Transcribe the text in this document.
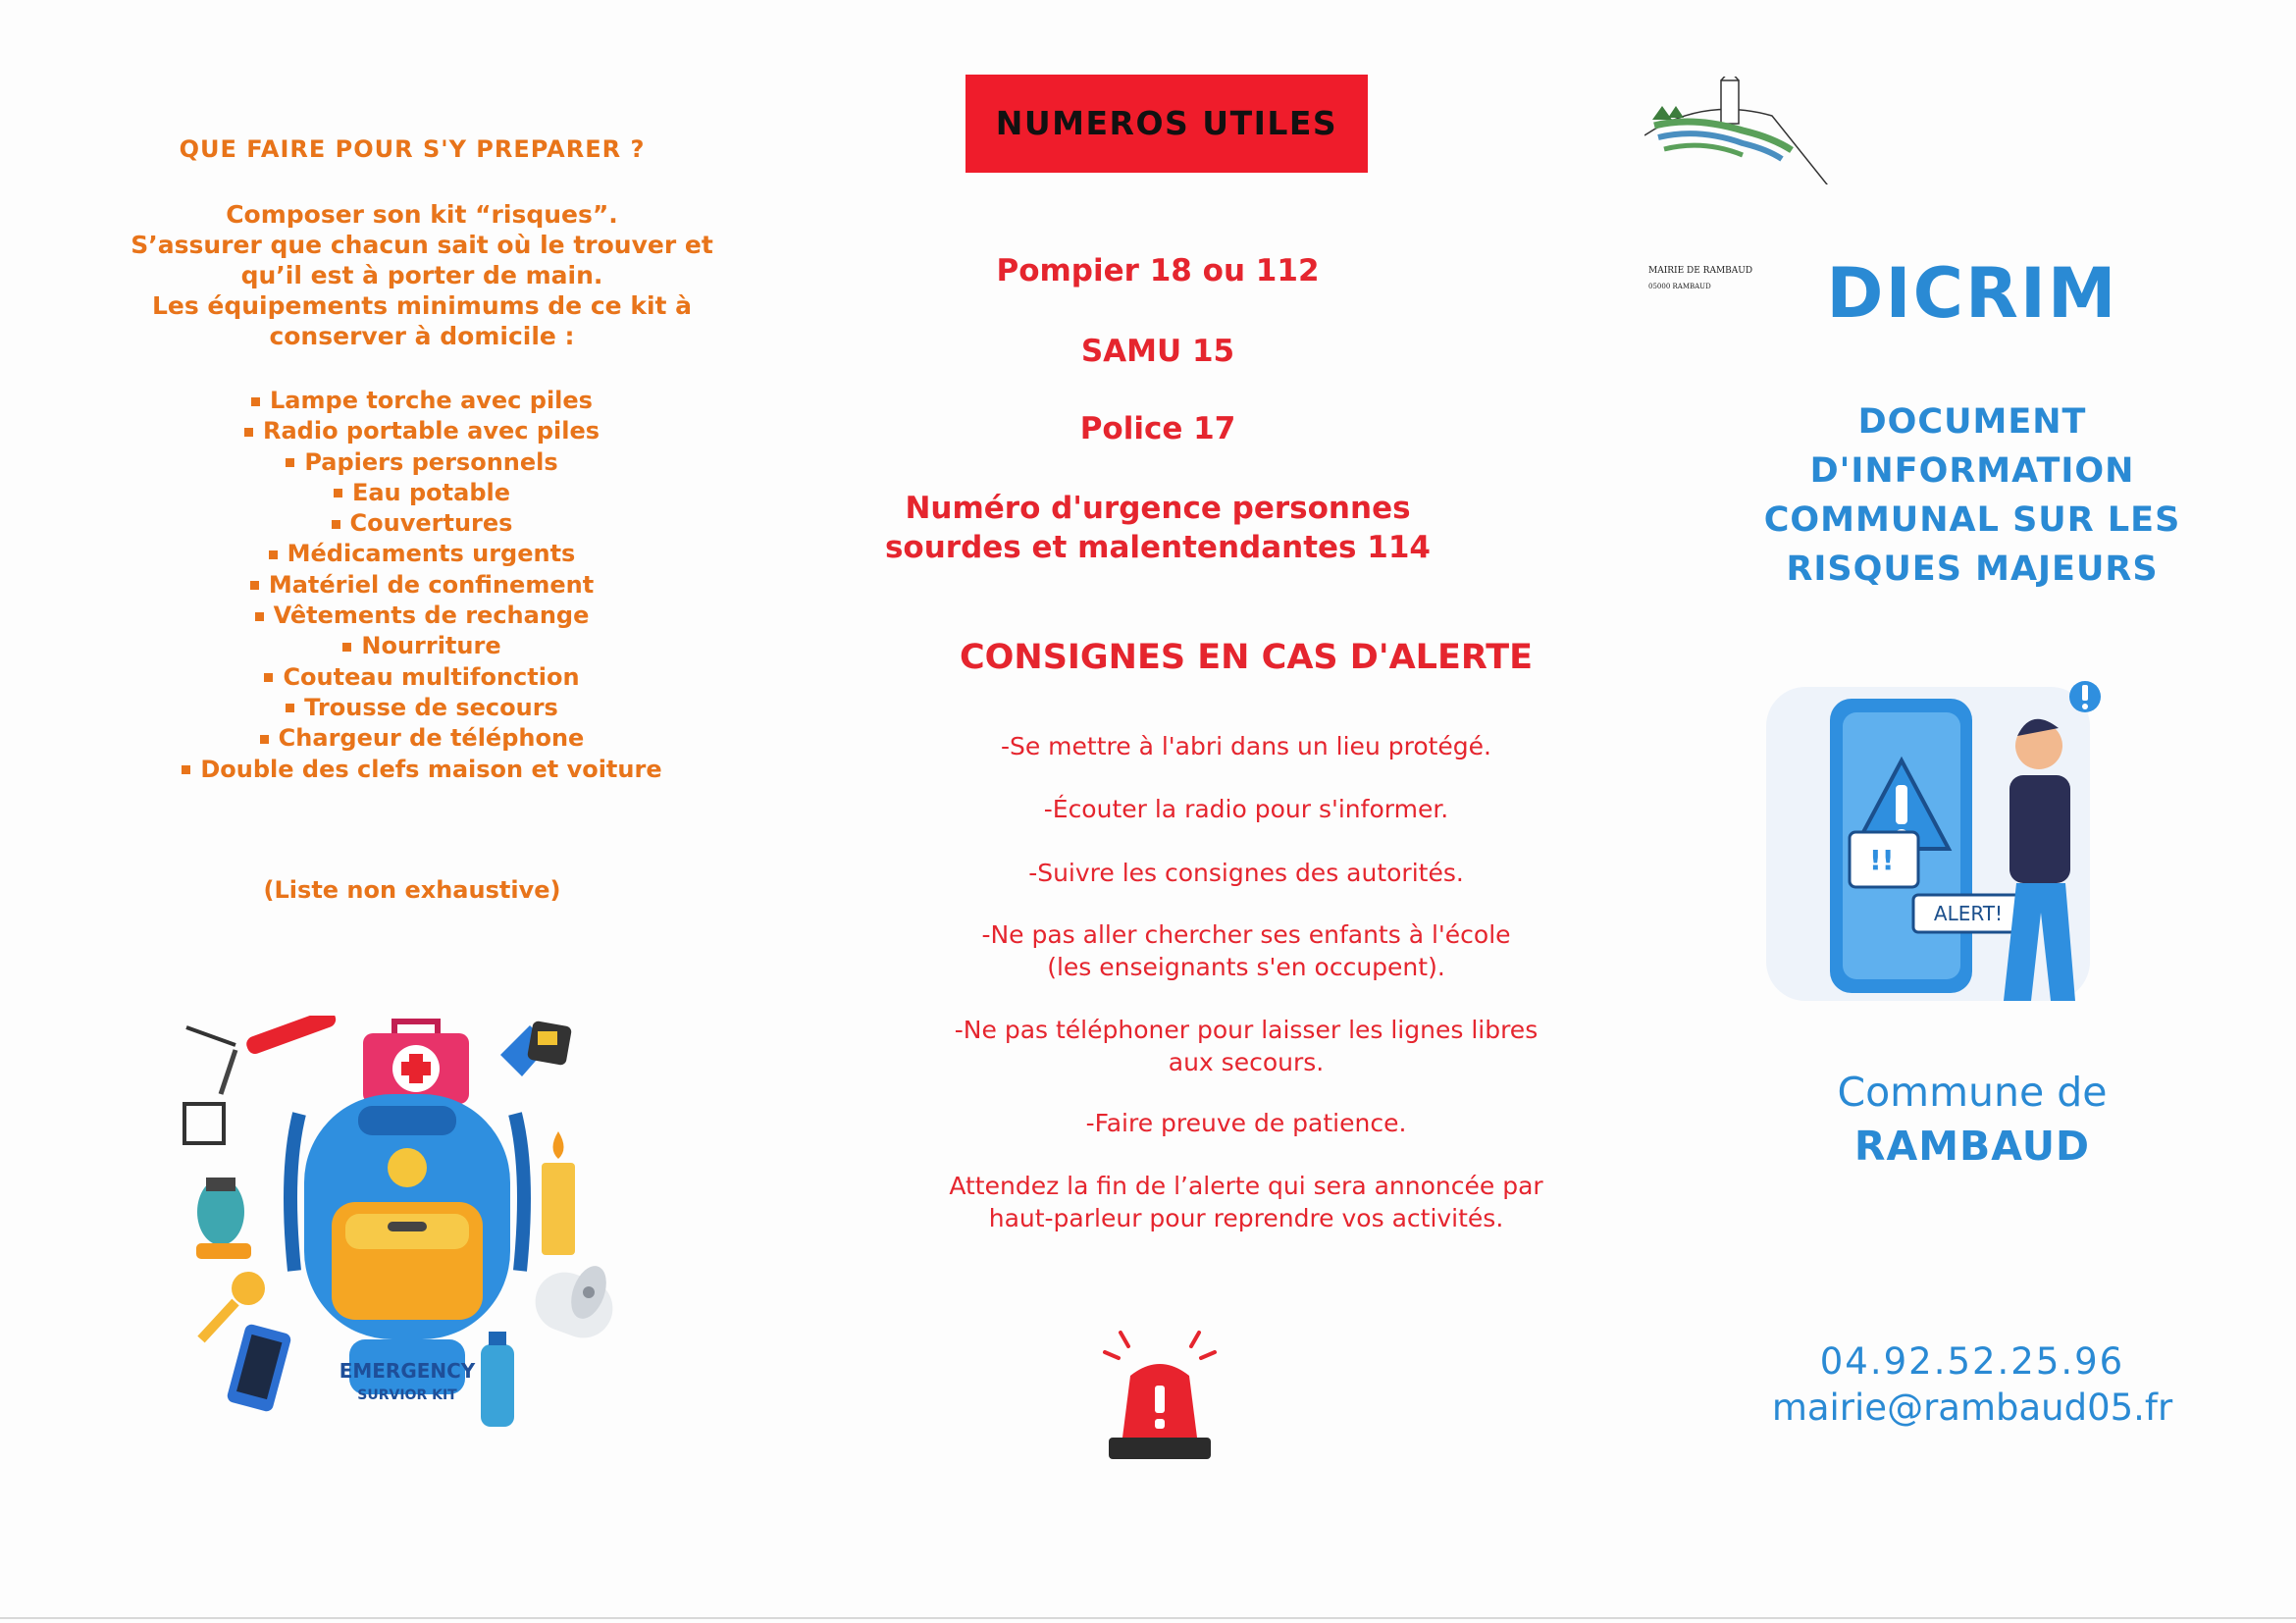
QUE FAIRE POUR S'Y PREPARER ?
Composer son kit “risques”.
S’assurer que chacun sait où le trouver et
qu’il est à porter de main.
Les équipements minimums de ce kit à
conserver à domicile :
Lampe torche avec piles
Radio portable avec piles
Papiers personnels
Eau potable
Couvertures
Médicaments urgents
Matériel de confinement
Vêtements de rechange
Nourriture
Couteau multifonction
Trousse de secours
Chargeur de téléphone
Double des clefs maison et voiture
(Liste non exhaustive)
EMERGENCY
SURVIOR KIT
NUMEROS UTILES
Pompier 18 ou 112
SAMU 15
Police 17
Numéro d'urgence personnes
sourdes et malentendantes 114
CONSIGNES EN CAS D'ALERTE
-Se mettre à l'abri dans un lieu protégé.
-Écouter la radio pour s'informer.
-Suivre les consignes des autorités.
-Ne pas aller chercher ses enfants à l'école
(les enseignants s'en occupent).
-Ne pas téléphoner pour laisser les lignes libres
aux secours.
-Faire preuve de patience.
Attendez la fin de l’alerte qui sera annoncée par
haut-parleur pour reprendre vos activités.
MAIRIE DE RAMBAUD
05000 RAMBAUD	DICRIM
DOCUMENT
D'INFORMATION
COMMUNAL SUR LES
RISQUES MAJEURS
!!
ALERT!
Commune de
RAMBAUD
04.92.52.25.96
mairie@rambaud05.fr
